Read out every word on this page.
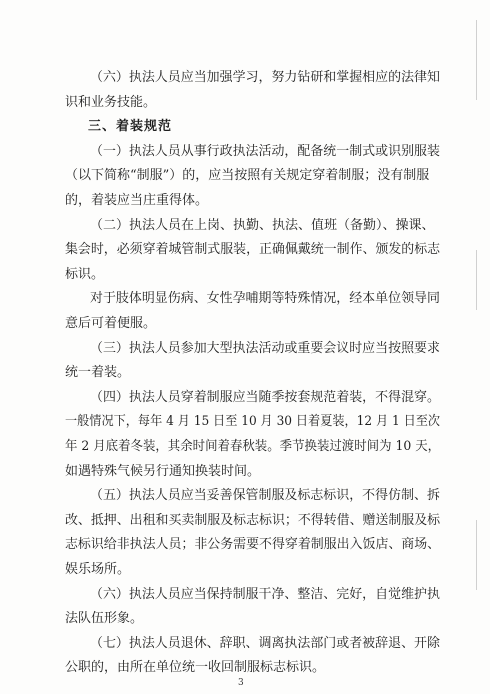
（六）执法人员应当加强学习，努力钻研和掌握相应的法律知
识和业务技能。
三、着装规范
（一）执法人员从事行政执法活动，配备统一制式或识别服装
（以下简称“制服”）的，应当按照有关规定穿着制服；没有制服
的，着装应当庄重得体。
（二）执法人员在上岗、执勤、执法、值班（备勤）、操课、
集会时，必须穿着城管制式服装，正确佩戴统一制作、颁发的标志
标识。
对于肢体明显伤病、女性孕哺期等特殊情况，经本单位领导同
意后可着便服。
（三）执法人员参加大型执法活动或重要会议时应当按照要求
统一着装。
（四）执法人员穿着制服应当随季按套规范着装，不得混穿。
一般情况下，每年 4 月 15 日至 10 月 30 日着夏装，12 月 1 日至次
年 2 月底着冬装，其余时间着春秋装。季节换装过渡时间为 10 天，
如遇特殊气候另行通知换装时间。
（五）执法人员应当妥善保管制服及标志标识，不得仿制、拆
改、抵押、出租和买卖制服及标志标识；不得转借、赠送制服及标
志标识给非执法人员；非公务需要不得穿着制服出入饭店、商场、
娱乐场所。
（六）执法人员应当保持制服干净、整洁、完好，自觉维护执
法队伍形象。
（七）执法人员退休、辞职、调离执法部门或者被辞退、开除
公职的，由所在单位统一收回制服标志标识。
3
